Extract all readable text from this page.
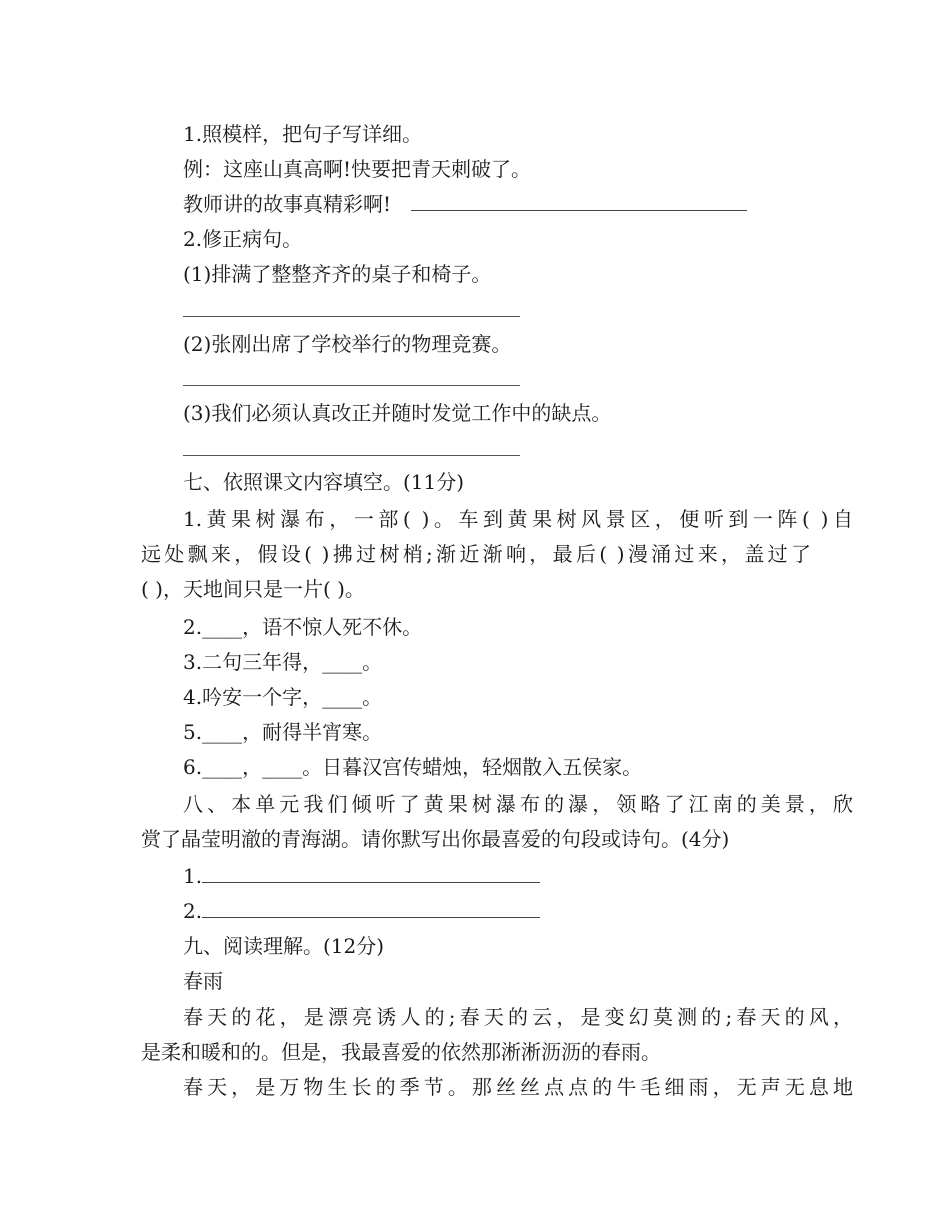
1.照模样，把句子写详细。
例：这座山真高啊!快要把青天刺破了。
教师讲的故事真精彩啊!
2.修正病句。
(1)排满了整整齐齐的桌子和椅子。
(2)张刚出席了学校举行的物理竞赛。
(3)我们必须认真改正并随时发觉工作中的缺点。
七、依照课文内容填空。(11分)
1.黄果树瀑布，一部( )。车到黄果树风景区，便听到一阵( )自
远处飘来，假设( )拂过树梢;渐近渐响，最后( )漫涌过来，盖过了
( )，天地间只是一片( )。
2.____，语不惊人死不休。
3.二句三年得，____。
4.吟安一个字，____。
5.____，耐得半宵寒。
6.____，____。日暮汉宫传蜡烛，轻烟散入五侯家。
八、本单元我们倾听了黄果树瀑布的瀑，领略了江南的美景，欣
赏了晶莹明澈的青海湖。请你默写出你最喜爱的句段或诗句。(4分)
1.
2.
九、阅读理解。(12分)
春雨
春天的花，是漂亮诱人的;春天的云，是变幻莫测的;春天的风，
是柔和暖和的。但是，我最喜爱的依然那淅淅沥沥的春雨。
春天，是万物生长的季节。那丝丝点点的牛毛细雨，无声无息地
